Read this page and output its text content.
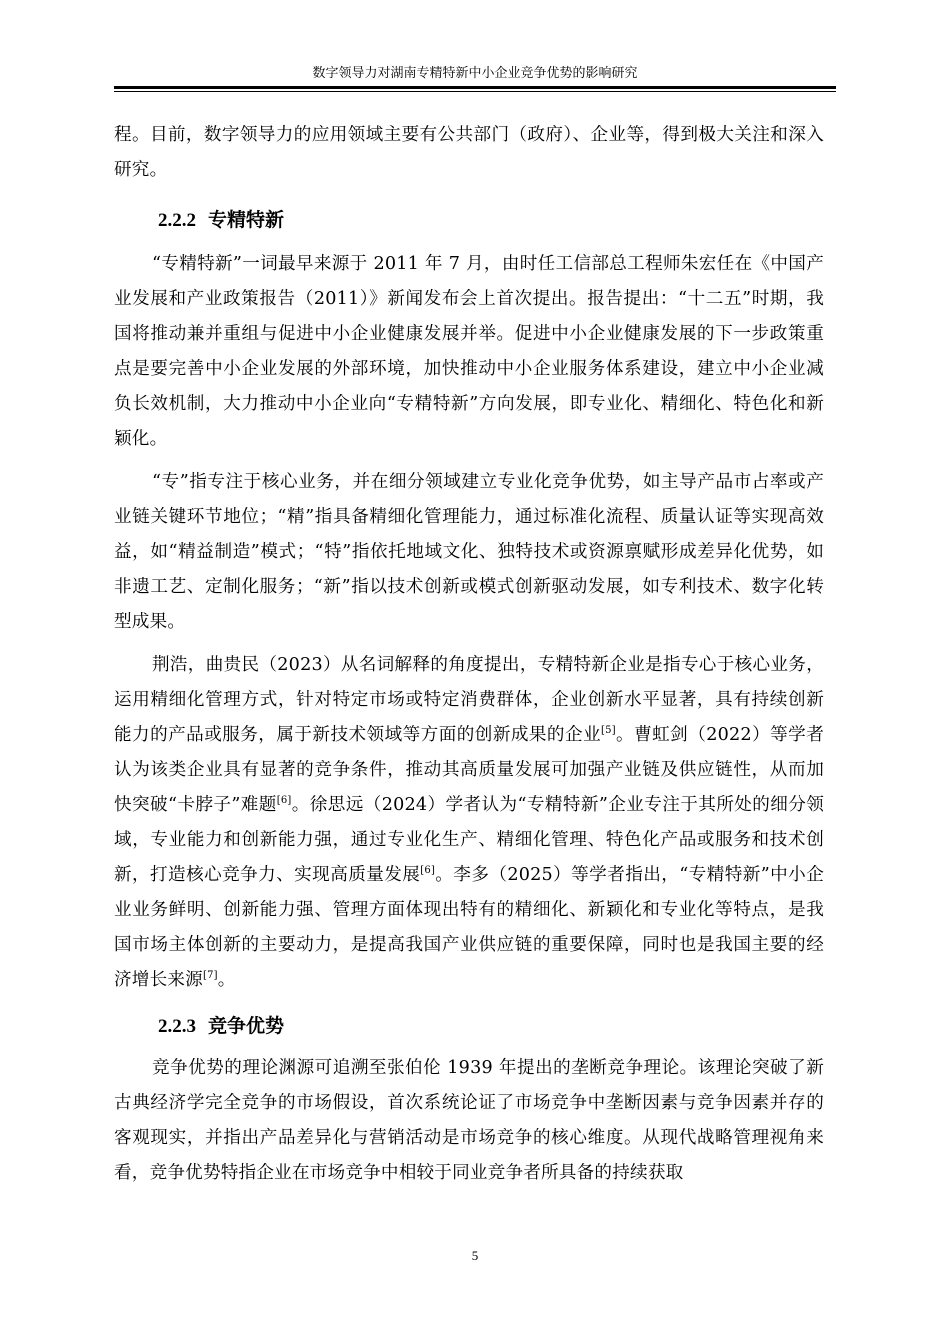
数字领导力对湖南专精特新中小企业竞争优势的影响研究

程。目前，数字领导力的应用领域主要有公共部门（政府）、企业等，得到极大关注和深入研究。

2.2.2 专精特新

“专精特新”一词最早来源于 2011 年 7 月，由时任工信部总工程师朱宏任在《中国产业发展和产业政策报告（2011）》新闻发布会上首次提出。报告提出：“十二五”时期，我国将推动兼并重组与促进中小企业健康发展并举。促进中小企业健康发展的下一步政策重点是要完善中小企业发展的外部环境，加快推动中小企业服务体系建设，建立中小企业减负长效机制，大力推动中小企业向“专精特新”方向发展，即专业化、精细化、特色化和新颖化。

“专”指专注于核心业务，并在细分领域建立专业化竞争优势，如主导产品市占率或产业链关键环节地位；“精”指具备精细化管理能力，通过标准化流程、质量认证等实现高效益，如“精益制造”模式；“特”指依托地域文化、独特技术或资源禀赋形成差异化优势，如非遗工艺、定制化服务；“新”指以技术创新或模式创新驱动发展，如专利技术、数字化转型成果。

荆浩，曲贵民（2023）从名词解释的角度提出，专精特新企业是指专心于核心业务，运用精细化管理方式，针对特定市场或特定消费群体，企业创新水平显著，具有持续创新能力的产品或服务，属于新技术领域等方面的创新成果的企业[5]。曹虹剑（2022）等学者认为该类企业具有显著的竞争条件，推动其高质量发展可加强产业链及供应链性，从而加快突破“卡脖子”难题[6]。徐思远（2024）学者认为“专精特新”企业专注于其所处的细分领域，专业能力和创新能力强，通过专业化生产、精细化管理、特色化产品或服务和技术创新，打造核心竞争力、实现高质量发展[6]。李多（2025）等学者指出，“专精特新”中小企业业务鲜明、创新能力强、管理方面体现出特有的精细化、新颖化和专业化等特点，是我国市场主体创新的主要动力，是提高我国产业供应链的重要保障，同时也是我国主要的经济增长来源[7]。

2.2.3 竞争优势

竞争优势的理论渊源可追溯至张伯伦 1939 年提出的垄断竞争理论。该理论突破了新古典经济学完全竞争的市场假设，首次系统论证了市场竞争中垄断因素与竞争因素并存的客观现实，并指出产品差异化与营销活动是市场竞争的核心维度。从现代战略管理视角来看，竞争优势特指企业在市场竞争中相较于同业竞争者所具备的持续获取

5
